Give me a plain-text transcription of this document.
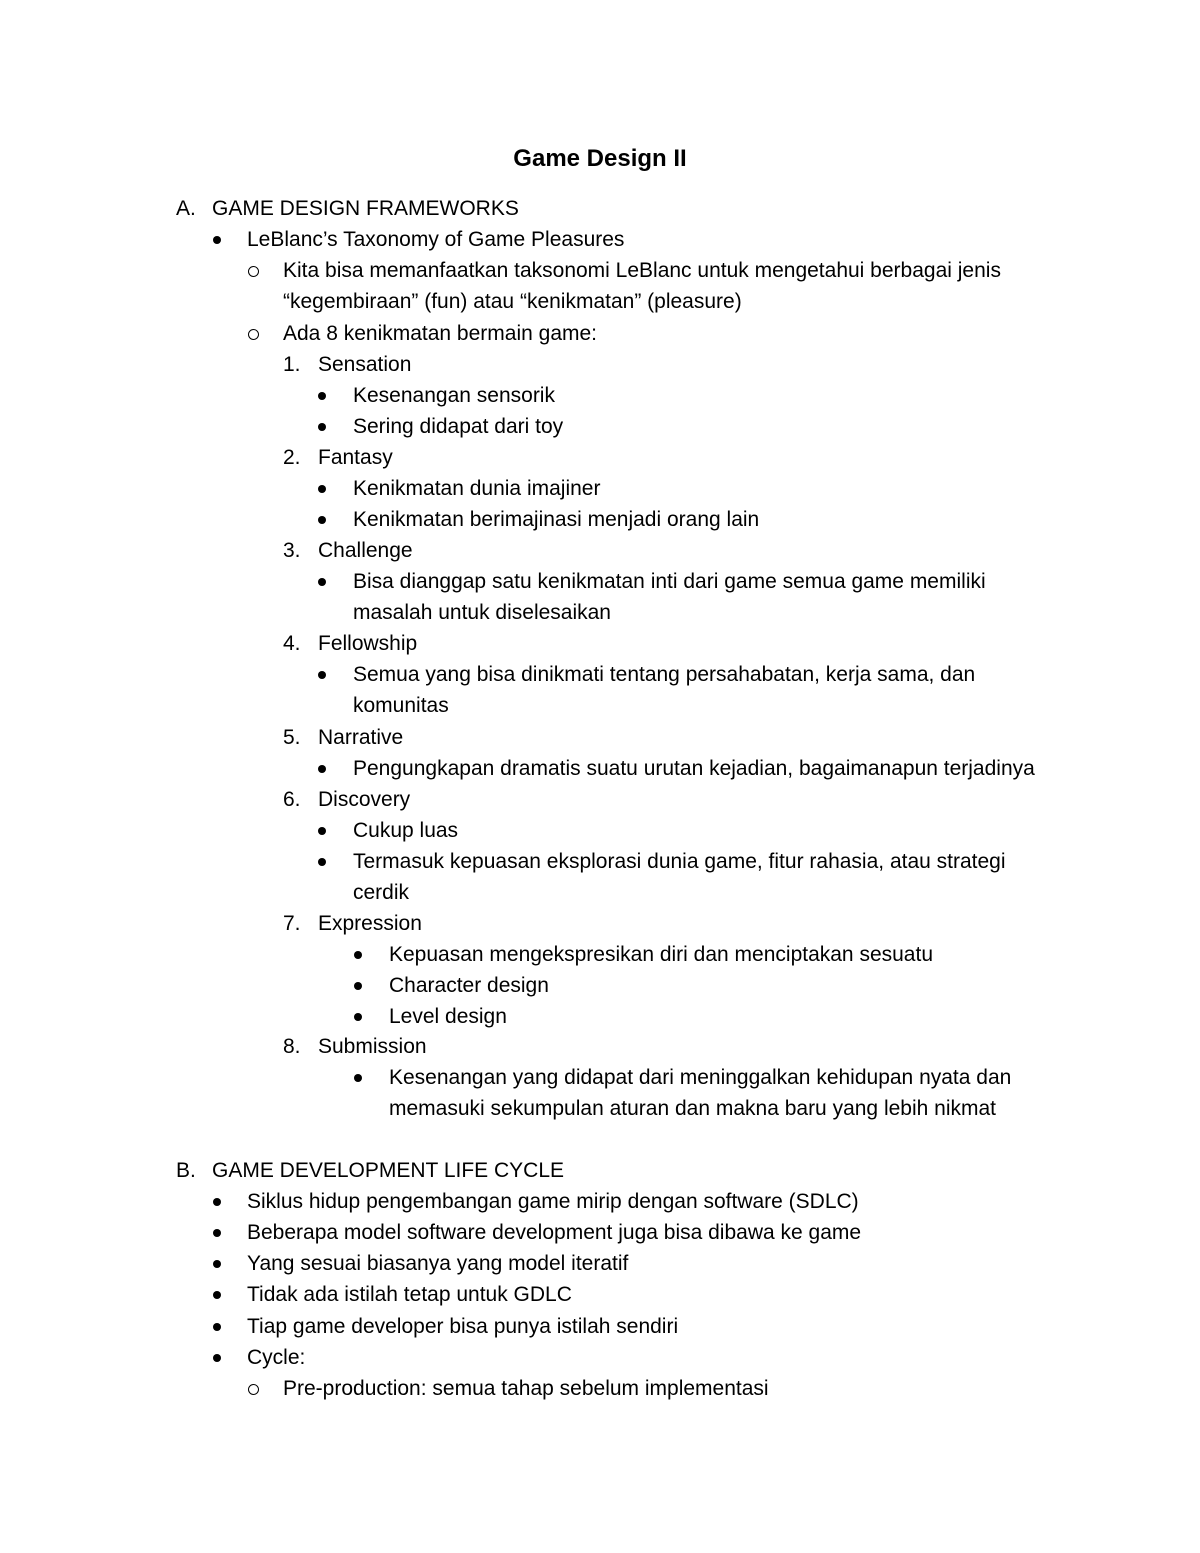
Game Design II
A. GAME DESIGN FRAMEWORKS
LeBlanc’s Taxonomy of Game Pleasures
Kita bisa memanfaatkan taksonomi LeBlanc untuk mengetahui berbagai jenis
“kegembiraan” (fun) atau “kenikmatan” (pleasure)
Ada 8 kenikmatan bermain game:
1. Sensation
Kesenangan sensorik
Sering didapat dari toy
2. Fantasy
Kenikmatan dunia imajiner
Kenikmatan berimajinasi menjadi orang lain
3. Challenge
Bisa dianggap satu kenikmatan inti dari game semua game memiliki
masalah untuk diselesaikan
4. Fellowship
Semua yang bisa dinikmati tentang persahabatan, kerja sama, dan
komunitas
5. Narrative
Pengungkapan dramatis suatu urutan kejadian, bagaimanapun terjadinya
6. Discovery
Cukup luas
Termasuk kepuasan eksplorasi dunia game, fitur rahasia, atau strategi
cerdik
7. Expression
Kepuasan mengekspresikan diri dan menciptakan sesuatu
Character design
Level design
8. Submission
Kesenangan yang didapat dari meninggalkan kehidupan nyata dan
memasuki sekumpulan aturan dan makna baru yang lebih nikmat
B. GAME DEVELOPMENT LIFE CYCLE
Siklus hidup pengembangan game mirip dengan software (SDLC)
Beberapa model software development juga bisa dibawa ke game
Yang sesuai biasanya yang model iteratif
Tidak ada istilah tetap untuk GDLC
Tiap game developer bisa punya istilah sendiri
Cycle:
Pre-production: semua tahap sebelum implementasi
